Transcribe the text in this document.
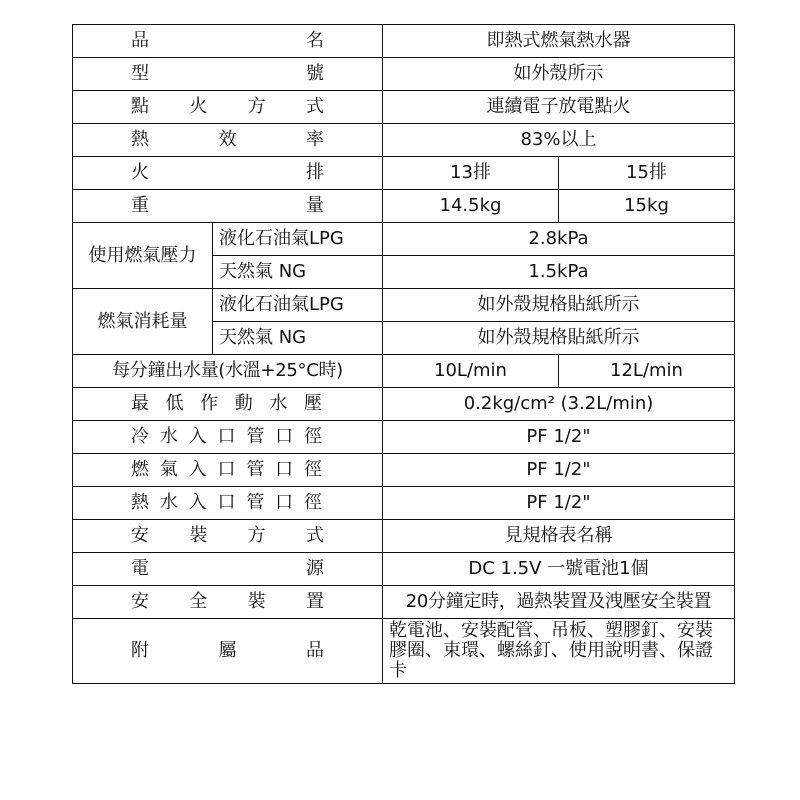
品名		即熱式燃氣熱水器	
型號		如外殼所示	
點火方式		連續電子放電點火	
熱效率		83%以上	
火排		13排	15排
重量		14.5kg	15kg
使用燃氣壓力	液化石油氣LPG	2.8kPa	
	天然氣 NG	1.5kPa	
燃氣消耗量	液化石油氣LPG	如外殼規格貼紙所示	
	天然氣 NG	如外殼規格貼紙所示	
每分鐘出水量(水溫+25°C時)		10L/min	12L/min
最低作動水壓		0.2kg/cm² (3.2L/min)	
冷水入口管口徑		PF 1/2"	
燃氣入口管口徑		PF 1/2"	
熱水入口管口徑		PF 1/2"	
安裝方式		見規格表名稱	
電源		DC 1.5V 一號電池1個	
安全裝置		20分鐘定時，過熱裝置及洩壓安全裝置	
附屬品		乾電池、安裝配管、吊板、塑膠釘、安裝膠圈、束環、螺絲釘、使用說明書、保證卡	
